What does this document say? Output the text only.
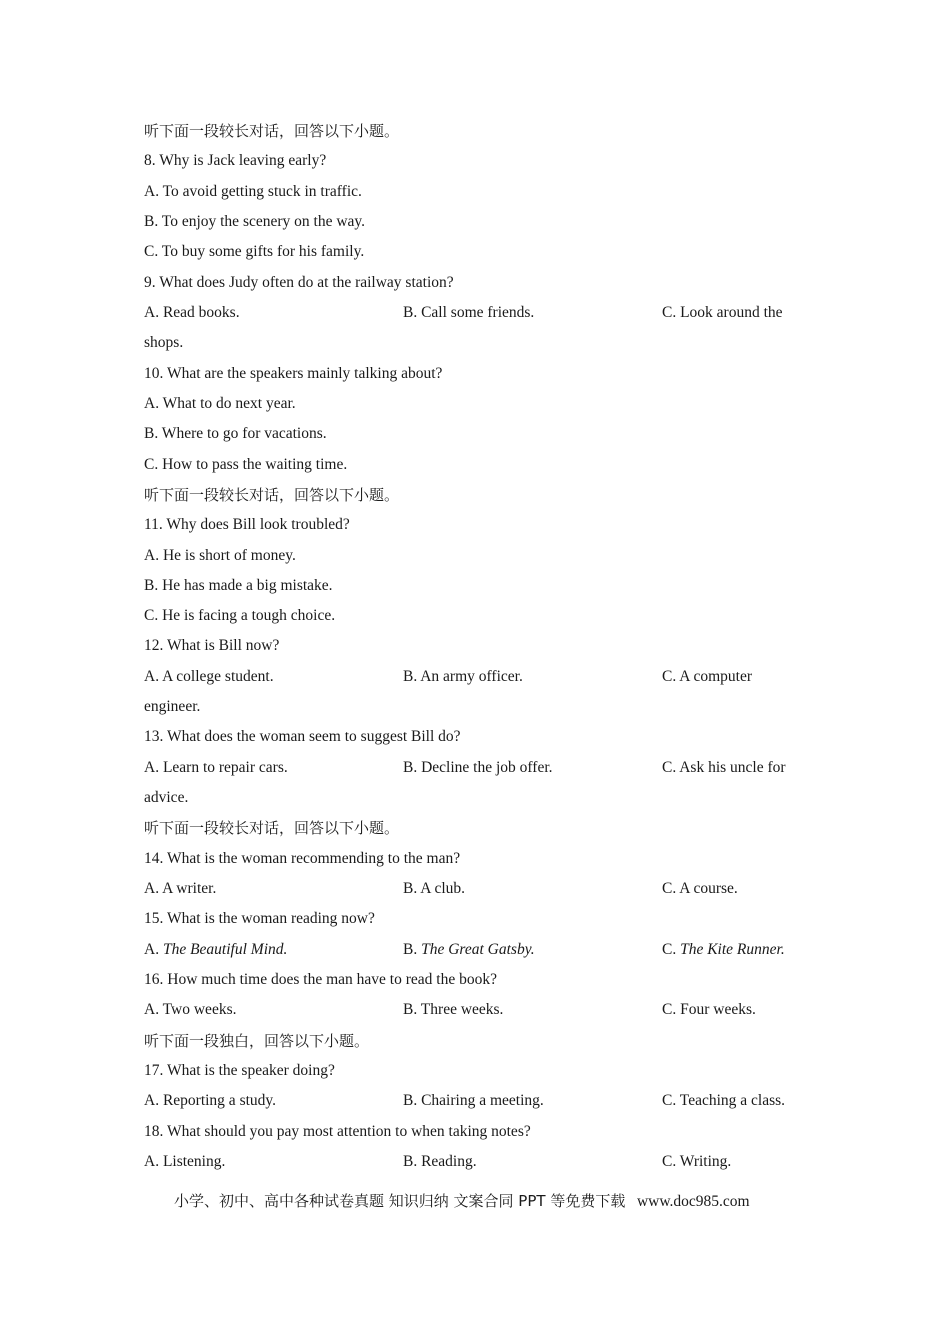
听下面一段较长对话，回答以下小题。
8. Why is Jack leaving early?
A. To avoid getting stuck in traffic.
B. To enjoy the scenery on the way.
C. To buy some gifts for his family.
9. What does Judy often do at the railway station?
A. Read books.	B. Call some friends.	C. Look around the
shops.
10. What are the speakers mainly talking about?
A. What to do next year.
B. Where to go for vacations.
C. How to pass the waiting time.
听下面一段较长对话，回答以下小题。
11. Why does Bill look troubled?
A. He is short of money.
B. He has made a big mistake.
C. He is facing a tough choice.
12. What is Bill now?
A. A college student.	B. An army officer.	C. A computer
engineer.
13. What does the woman seem to suggest Bill do?
A. Learn to repair cars.	B. Decline the job offer.	C. Ask his uncle for
advice.
听下面一段较长对话，回答以下小题。
14. What is the woman recommending to the man?
A. A writer.	B. A club.	C. A course.
15. What is the woman reading now?
A. The Beautiful Mind.	B. The Great Gatsby.	C. The Kite Runner.
16. How much time does the man have to read the book?
A. Two weeks.	B. Three weeks.	C. Four weeks.
听下面一段独白，回答以下小题。
17. What is the speaker doing?
A. Reporting a study.	B. Chairing a meeting.	C. Teaching a class.
18. What should you pay most attention to when taking notes?
A. Listening.	B. Reading.	C. Writing.
小学、初中、高中各种试卷真题 知识归纳 文案合同 PPT 等免费下载 www.doc985.com
